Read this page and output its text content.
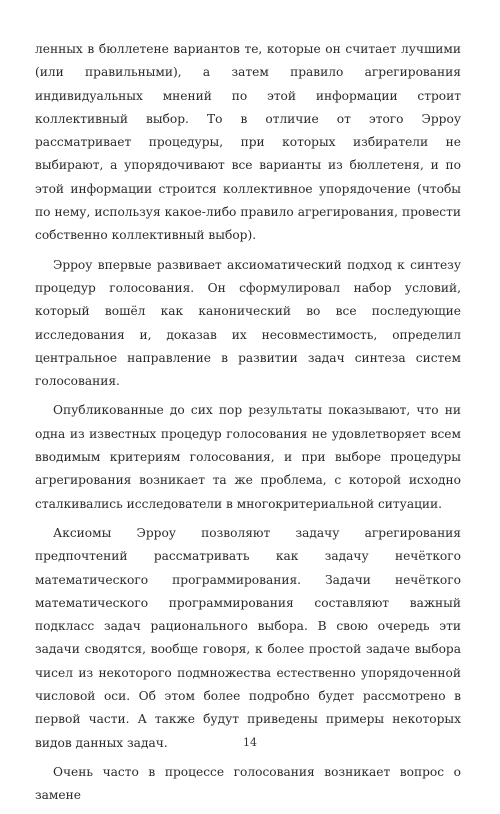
ленных в бюллетене вариантов те, которые он считает лучшими (или правильными), а затем правило агрегирования индивидуальных мнений по этой информации строит коллективный выбор. То в отличие от этого Эрроу рассматривает процедуры, при которых избиратели не выбирают, а упорядочивают все варианты из бюллетеня, и по этой информации строится коллективное упорядочение (чтобы по нему, используя какое-либо правило агрегирования, провести собственно коллективный выбор).

Эрроу впервые развивает аксиоматический подход к синтезу процедур голосования. Он сформулировал набор условий, который вошёл как канонический во все последующие исследования и, доказав их несовместимость, определил центральное направление в развитии задач синтеза систем голосования.

Опубликованные до сих пор результаты показывают, что ни одна из известных процедур голосования не удовлетворяет всем вводимым критериям голосования, и при выборе процедуры агрегирования возникает та же проблема, с которой исходно сталкивались исследователи в многокритериальной ситуации.

Аксиомы Эрроу позволяют задачу агрегирования предпочтений рассматривать как задачу нечёткого математического программирования. Задачи нечёткого математического программирования составляют важный подкласс задач рационального выбора. В свою очередь эти задачи сводятся, вообще говоря, к более простой задаче выбора чисел из некоторого подмножества естественно упорядоченной числовой оси. Об этом более подробно будет рассмотрено в первой части. А также будут приведены примеры некоторых видов данных задач.

Очень часто в процессе голосования возникает вопрос о замене

14
